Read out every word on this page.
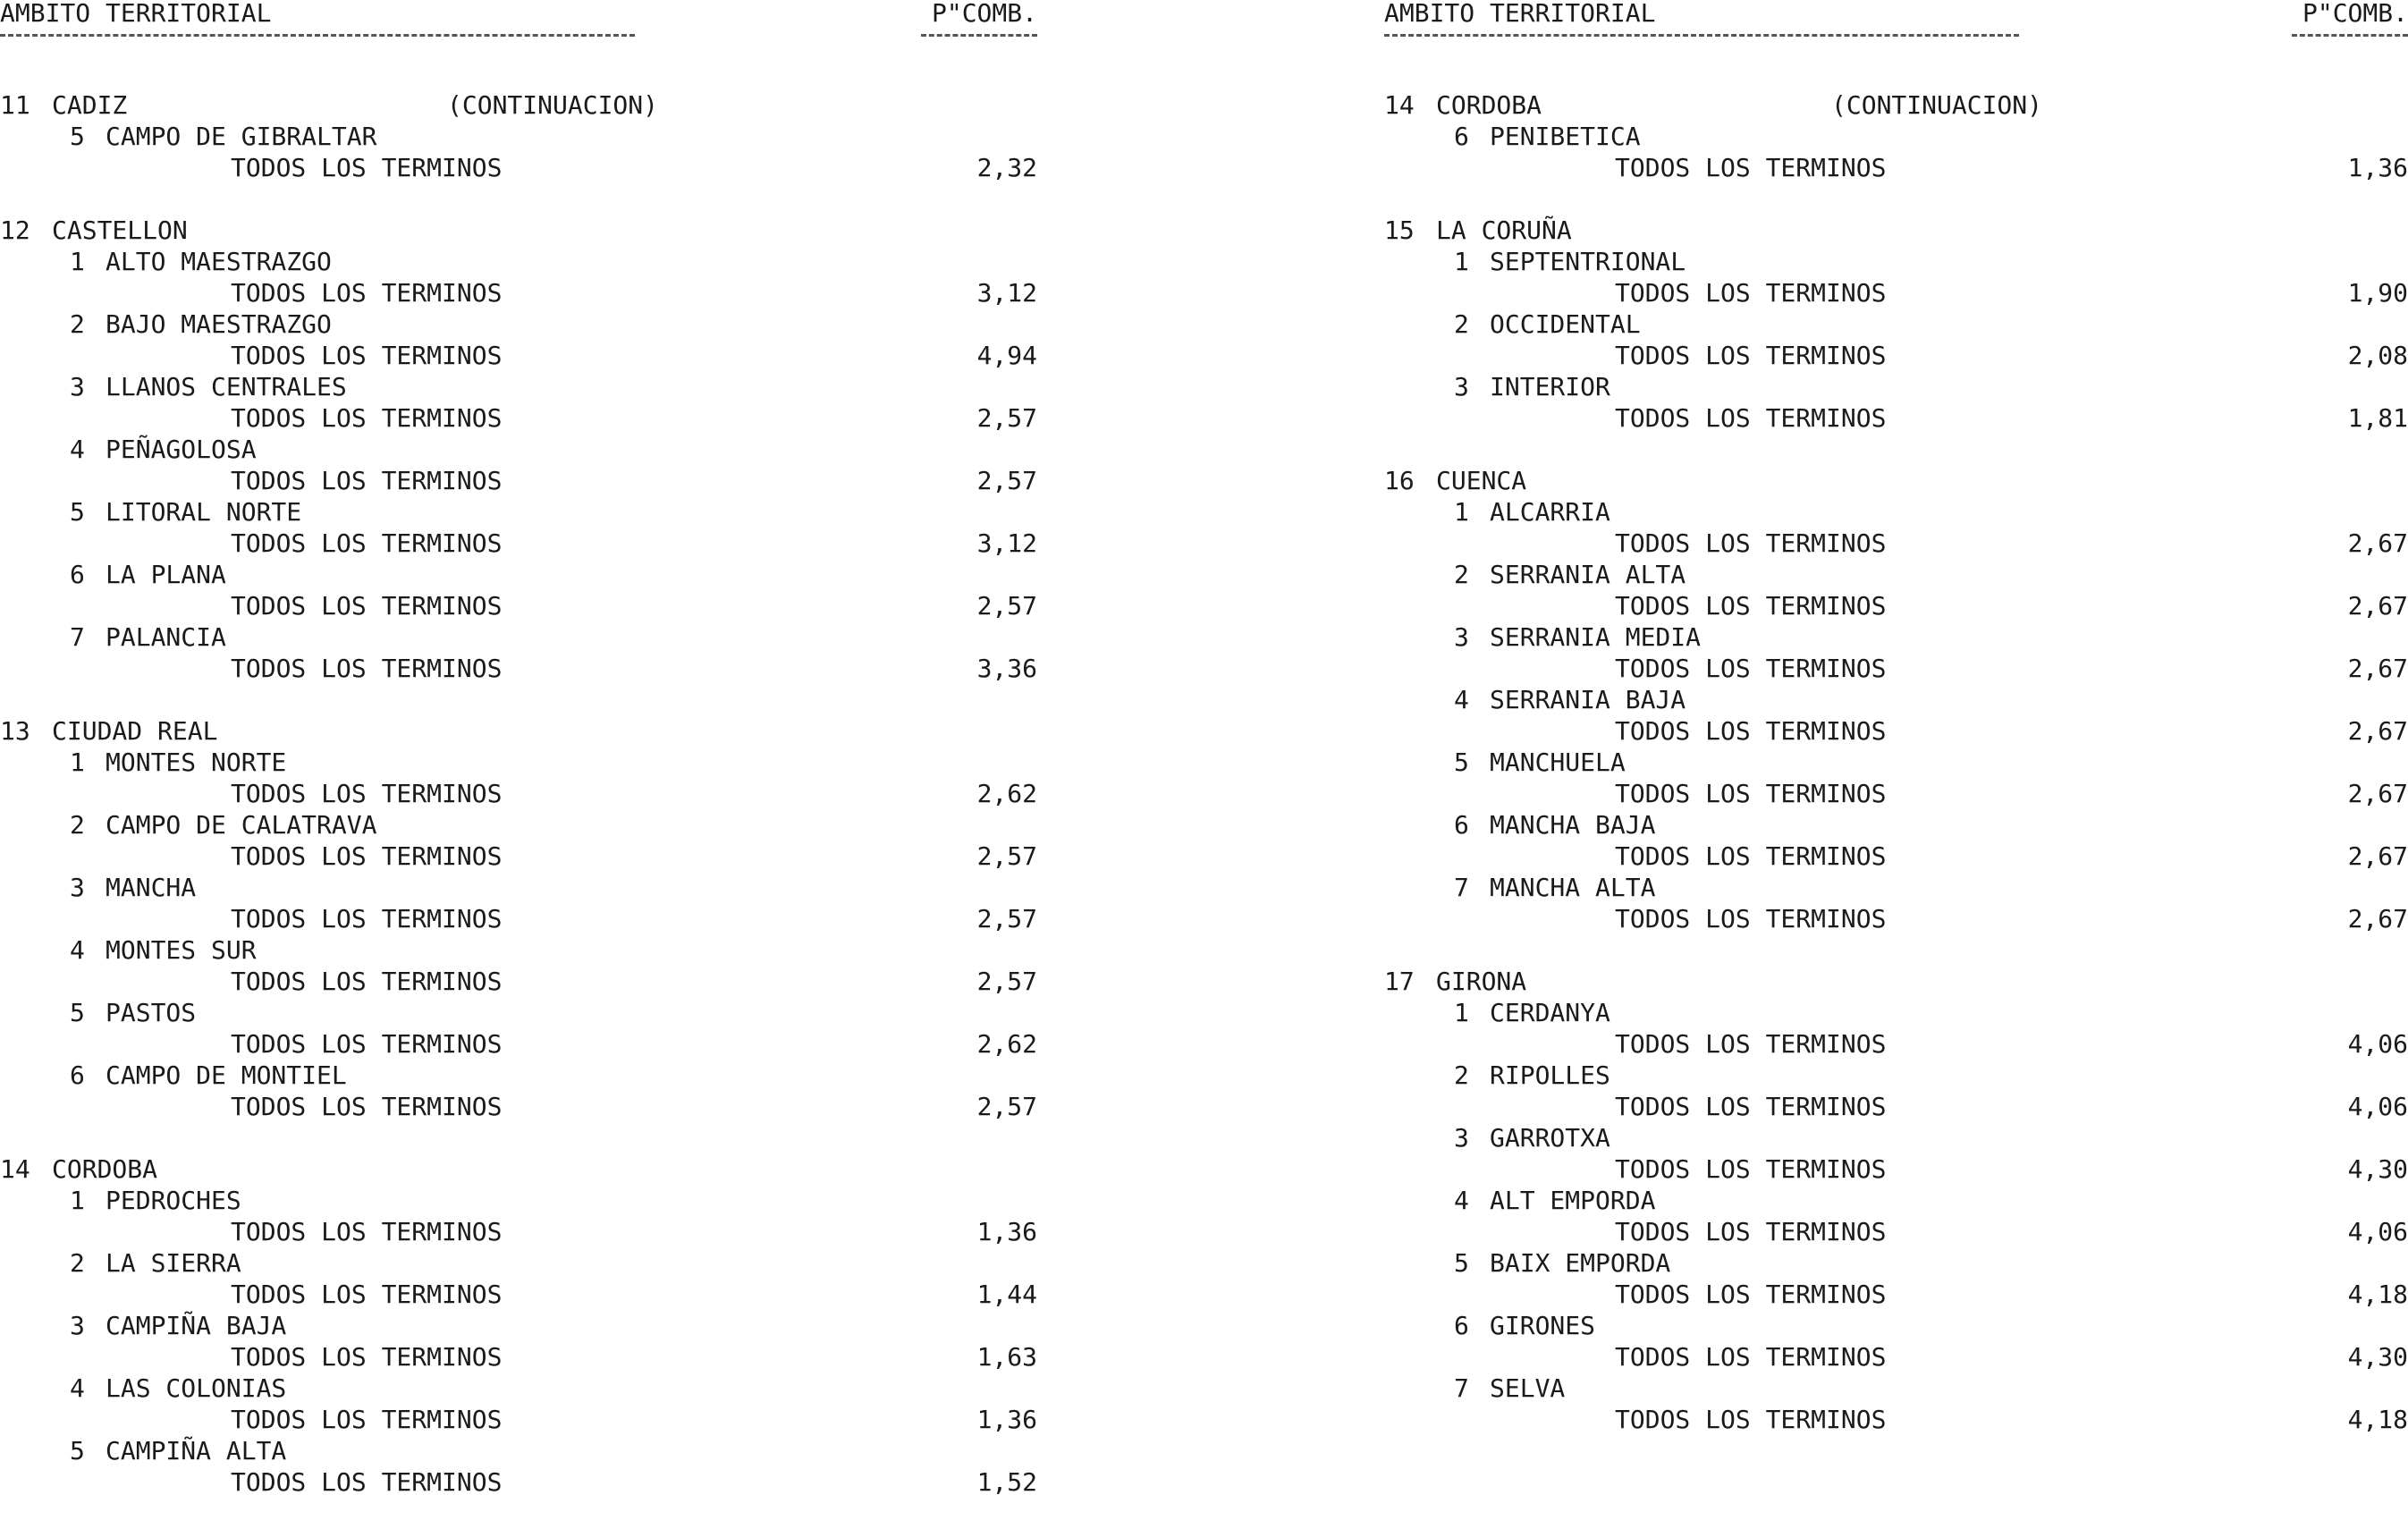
AMBITO TERRITORIAL	P"COMB.
11 CADIZ	(CONTINUACION)
5 CAMPO DE GIBRALTAR
TODOS LOS TERMINOS	2,32
12 CASTELLON
1 ALTO MAESTRAZGO
TODOS LOS TERMINOS	3,12
2 BAJO MAESTRAZGO
TODOS LOS TERMINOS	4,94
3 LLANOS CENTRALES
TODOS LOS TERMINOS	2,57
4 PEÑAGOLOSA
TODOS LOS TERMINOS	2,57
5 LITORAL NORTE
TODOS LOS TERMINOS	3,12
6 LA PLANA
TODOS LOS TERMINOS	2,57
7 PALANCIA
TODOS LOS TERMINOS	3,36
13 CIUDAD REAL
1 MONTES NORTE
TODOS LOS TERMINOS	2,62
2 CAMPO DE CALATRAVA
TODOS LOS TERMINOS	2,57
3 MANCHA
TODOS LOS TERMINOS	2,57
4 MONTES SUR
TODOS LOS TERMINOS	2,57
5 PASTOS
TODOS LOS TERMINOS	2,62
6 CAMPO DE MONTIEL
TODOS LOS TERMINOS	2,57
14 CORDOBA
1 PEDROCHES
TODOS LOS TERMINOS	1,36
2 LA SIERRA
TODOS LOS TERMINOS	1,44
3 CAMPIÑA BAJA
TODOS LOS TERMINOS	1,63
4 LAS COLONIAS
TODOS LOS TERMINOS	1,36
5 CAMPIÑA ALTA
TODOS LOS TERMINOS	1,52
AMBITO TERRITORIAL	P"COMB.
14 CORDOBA	(CONTINUACION)
6 PENIBETICA
TODOS LOS TERMINOS	1,36
15 LA CORUÑA
1 SEPTENTRIONAL
TODOS LOS TERMINOS	1,90
2 OCCIDENTAL
TODOS LOS TERMINOS	2,08
3 INTERIOR
TODOS LOS TERMINOS	1,81
16 CUENCA
1 ALCARRIA
TODOS LOS TERMINOS	2,67
2 SERRANIA ALTA
TODOS LOS TERMINOS	2,67
3 SERRANIA MEDIA
TODOS LOS TERMINOS	2,67
4 SERRANIA BAJA
TODOS LOS TERMINOS	2,67
5 MANCHUELA
TODOS LOS TERMINOS	2,67
6 MANCHA BAJA
TODOS LOS TERMINOS	2,67
7 MANCHA ALTA
TODOS LOS TERMINOS	2,67
17 GIRONA
1 CERDANYA
TODOS LOS TERMINOS	4,06
2 RIPOLLES
TODOS LOS TERMINOS	4,06
3 GARROTXA
TODOS LOS TERMINOS	4,30
4 ALT EMPORDA
TODOS LOS TERMINOS	4,06
5 BAIX EMPORDA
TODOS LOS TERMINOS	4,18
6 GIRONES
TODOS LOS TERMINOS	4,30
7 SELVA
TODOS LOS TERMINOS	4,18
